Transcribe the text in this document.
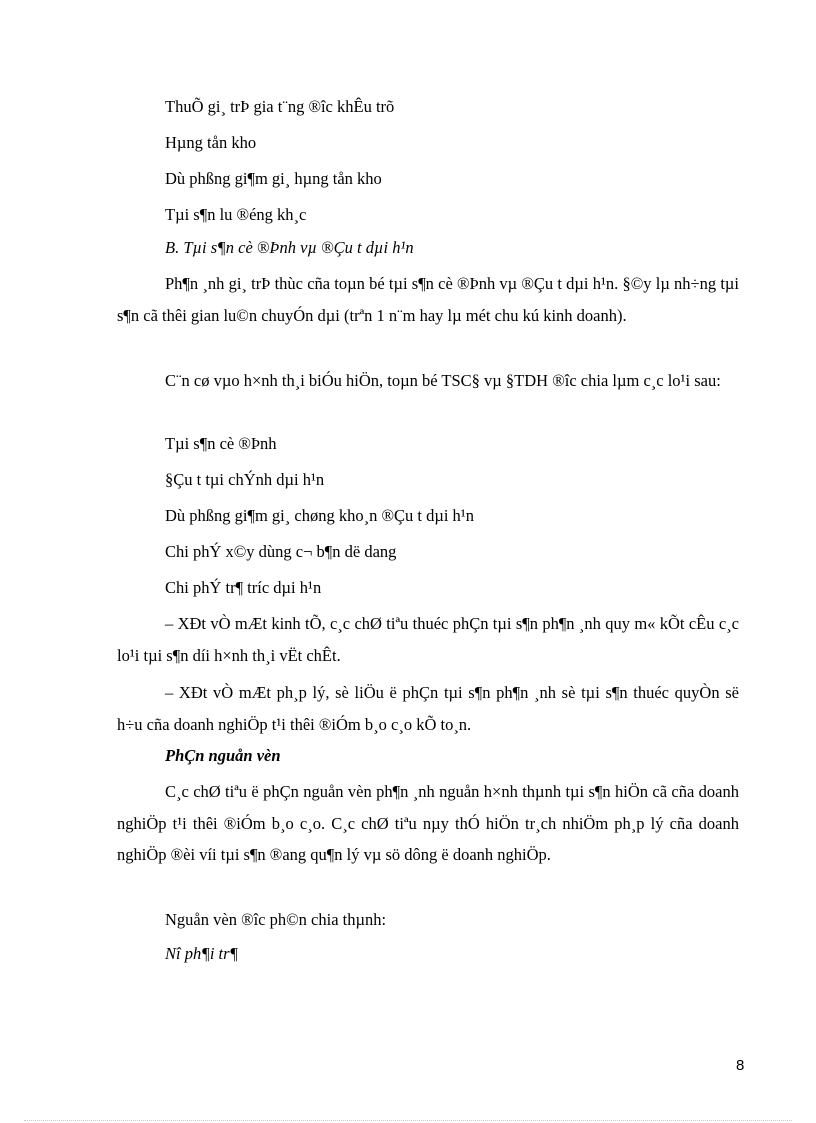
ThuÕ gi¸ trÞ gia t¨ng ®îc khÊu trõ
Hµng tån kho
Dù phßng gi¶m gi¸ hµng tån kho
Tµi s¶n lu ®éng kh¸c
B. Tµi s¶n cè ®Þnh vµ ®Çu t dµi h¹n
Ph¶n ¸nh gi¸ trÞ thùc cña toµn bé tµi s¶n cè ®Þnh vµ ®Çu t dµi h¹n. §©y lµ nh÷ng tµi s¶n cã thêi gian lu©n chuyÓn dµi (trªn 1 n¨m hay lµ mét chu kú kinh doanh).
C¨n cø vµo h×nh th¸i biÓu hiÖn, toµn bé TSC§ vµ §TDH ®îc chia lµm c¸c lo¹i sau:
Tµi s¶n cè ®Þnh
§Çu t tµi chÝnh dµi h¹n
Dù phßng gi¶m gi¸ chøng kho¸n ®Çu t dµi h¹n
Chi phÝ x©y dùng c¬ b¶n dë dang
Chi phÝ tr¶ tríc dµi h¹n
– XÐt vÒ mÆt kinh tÕ, c¸c chØ tiªu thuéc phÇn tµi s¶n ph¶n ¸nh quy m« kÕt cÊu c¸c lo¹i tµi s¶n díi h×nh th¸i vËt chÊt.
– XÐt vÒ mÆt ph¸p lý, sè liÖu ë phÇn tµi s¶n ph¶n ¸nh sè tµi s¶n thuéc quyÒn së h÷u cña doanh nghiÖp t¹i thêi ®iÓm b¸o c¸o kÕ to¸n.
PhÇn nguån vèn
C¸c chØ tiªu ë phÇn nguån vèn ph¶n ¸nh nguån h×nh thµnh tµi s¶n hiÖn cã cña doanh nghiÖp t¹i thêi ®iÓm b¸o c¸o. C¸c chØ tiªu nµy thÓ hiÖn tr¸ch nhiÖm ph¸p lý cña doanh nghiÖp ®èi víi tµi s¶n ®ang qu¶n lý vµ sö dông ë doanh nghiÖp.
Nguån vèn ®îc ph©n chia thµnh:
Nî ph¶i tr¶
8
